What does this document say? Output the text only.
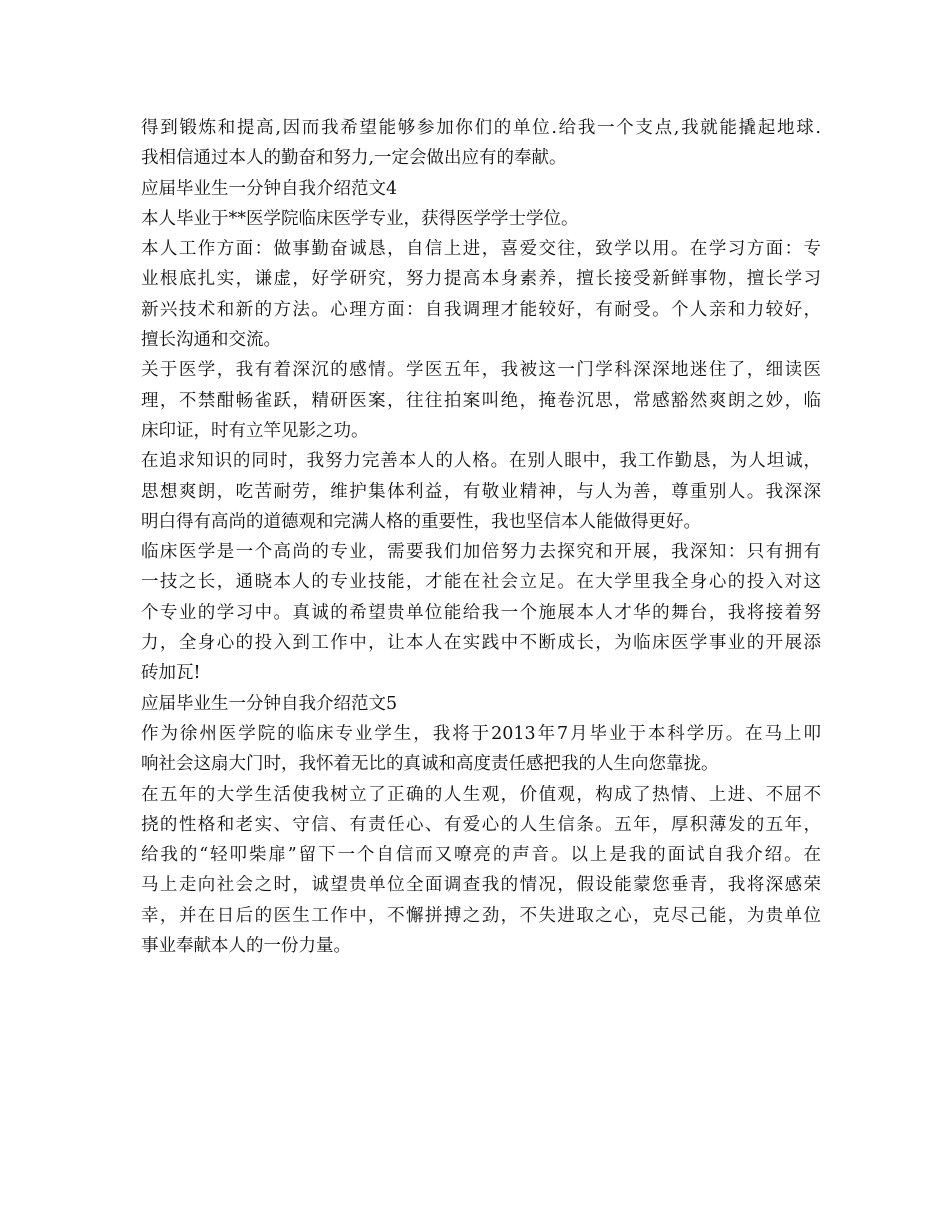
得到锻炼和提高,因而我希望能够参加你们的单位.给我一个支点,我就能撬起地球.
我相信通过本人的勤奋和努力,一定会做出应有的奉献。

应届毕业生一分钟自我介绍范文4

本人毕业于**医学院临床医学专业，获得医学学士学位。

本人工作方面：做事勤奋诚恳，自信上进，喜爱交往，致学以用。在学习方面：专
业根底扎实，谦虚，好学研究，努力提高本身素养，擅长接受新鲜事物，擅长学习
新兴技术和新的方法。心理方面：自我调理才能较好，有耐受。个人亲和力较好，
擅长沟通和交流。

关于医学，我有着深沉的感情。学医五年，我被这一门学科深深地迷住了，细读医
理，不禁酣畅雀跃，精研医案，往往拍案叫绝，掩卷沉思，常感豁然爽朗之妙，临
床印证，时有立竿见影之功。

在追求知识的同时，我努力完善本人的人格。在别人眼中，我工作勤恳，为人坦诚，
思想爽朗，吃苦耐劳，维护集体利益，有敬业精神，与人为善，尊重别人。我深深
明白得有高尚的道德观和完满人格的重要性，我也坚信本人能做得更好。

临床医学是一个高尚的专业，需要我们加倍努力去探究和开展，我深知：只有拥有
一技之长，通晓本人的专业技能，才能在社会立足。在大学里我全身心的投入对这
个专业的学习中。真诚的希望贵单位能给我一个施展本人才华的舞台，我将接着努
力，全身心的投入到工作中，让本人在实践中不断成长，为临床医学事业的开展添
砖加瓦!

应届毕业生一分钟自我介绍范文5

作为徐州医学院的临床专业学生，我将于2013年7月毕业于本科学历。在马上叩
响社会这扇大门时，我怀着无比的真诚和高度责任感把我的人生向您靠拢。

在五年的大学生活使我树立了正确的人生观，价值观，构成了热情、上进、不屈不
挠的性格和老实、守信、有责任心、有爱心的人生信条。五年，厚积薄发的五年，
给我的“轻叩柴扉”留下一个自信而又嘹亮的声音。以上是我的面试自我介绍。在
马上走向社会之时，诚望贵单位全面调查我的情况，假设能蒙您垂青，我将深感荣
幸，并在日后的医生工作中，不懈拼搏之劲，不失进取之心，克尽己能，为贵单位
事业奉献本人的一份力量。
